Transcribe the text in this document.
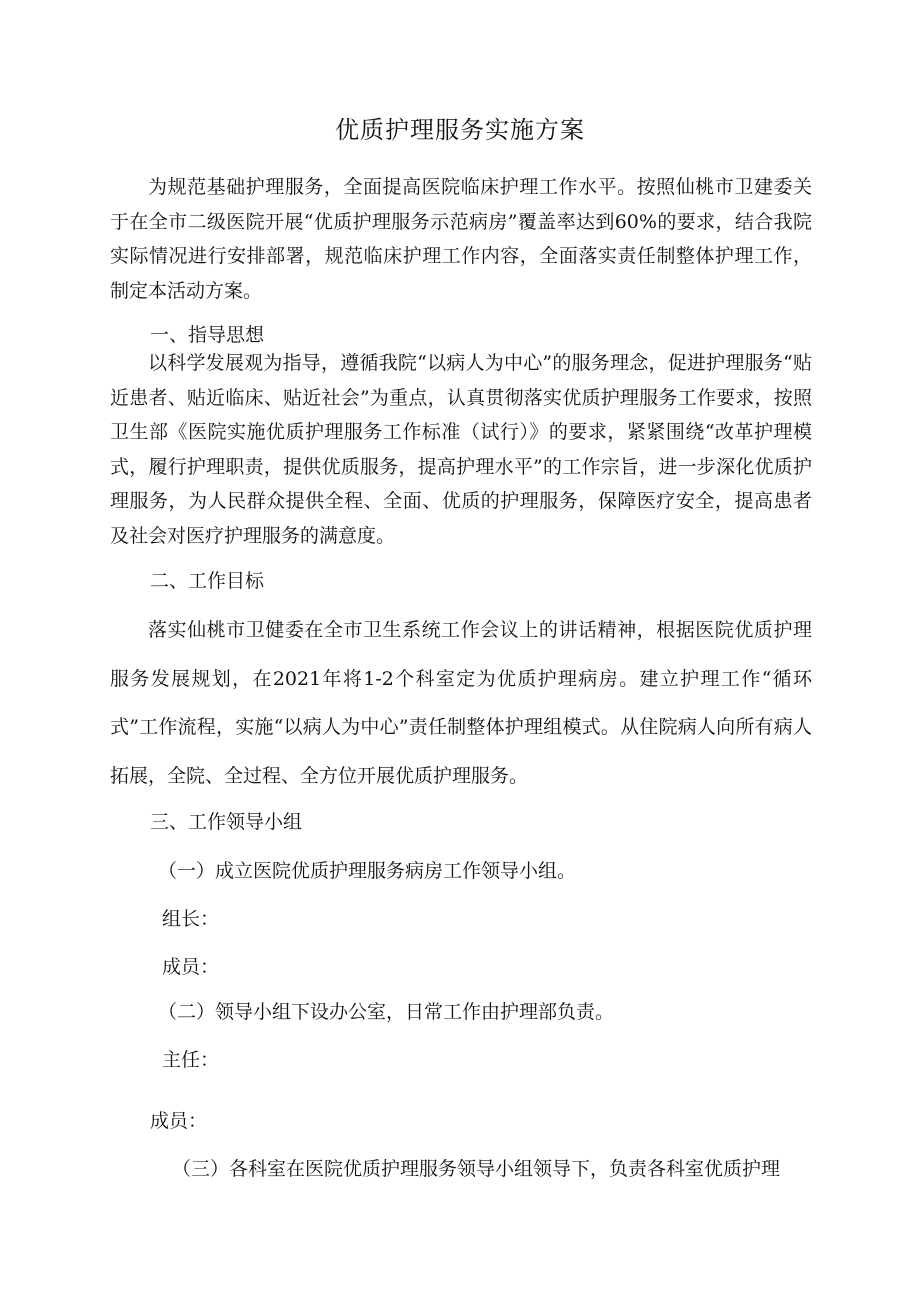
优质护理服务实施方案

为规范基础护理服务，全面提高医院临床护理工作水平。按照仙桃市卫建委关于在全市二级医院开展“优质护理服务示范病房”覆盖率达到60%的要求，结合我院实际情况进行安排部署，规范临床护理工作内容，全面落实责任制整体护理工作，制定本活动方案。

一、指导思想

以科学发展观为指导，遵循我院“以病人为中心”的服务理念，促进护理服务“贴近患者、贴近临床、贴近社会”为重点，认真贯彻落实优质护理服务工作要求，按照卫生部《医院实施优质护理服务工作标准（试行）》的要求，紧紧围绕“改革护理模式，履行护理职责，提供优质服务，提高护理水平”的工作宗旨，进一步深化优质护理服务，为人民群众提供全程、全面、优质的护理服务，保障医疗安全，提高患者及社会对医疗护理服务的满意度。

二、工作目标

落实仙桃市卫健委在全市卫生系统工作会议上的讲话精神，根据医院优质护理服务发展规划，在2021年将1-2个科室定为优质护理病房。建立护理工作“循环式”工作流程，实施“以病人为中心”责任制整体护理组模式。从住院病人向所有病人拓展，全院、全过程、全方位开展优质护理服务。

三、工作领导小组
（一）成立医院优质护理服务病房工作领导小组。
组长：
成员：
（二）领导小组下设办公室，日常工作由护理部负责。
主任：
成员：
（三）各科室在医院优质护理服务领导小组领导下，负责各科室优质护理
